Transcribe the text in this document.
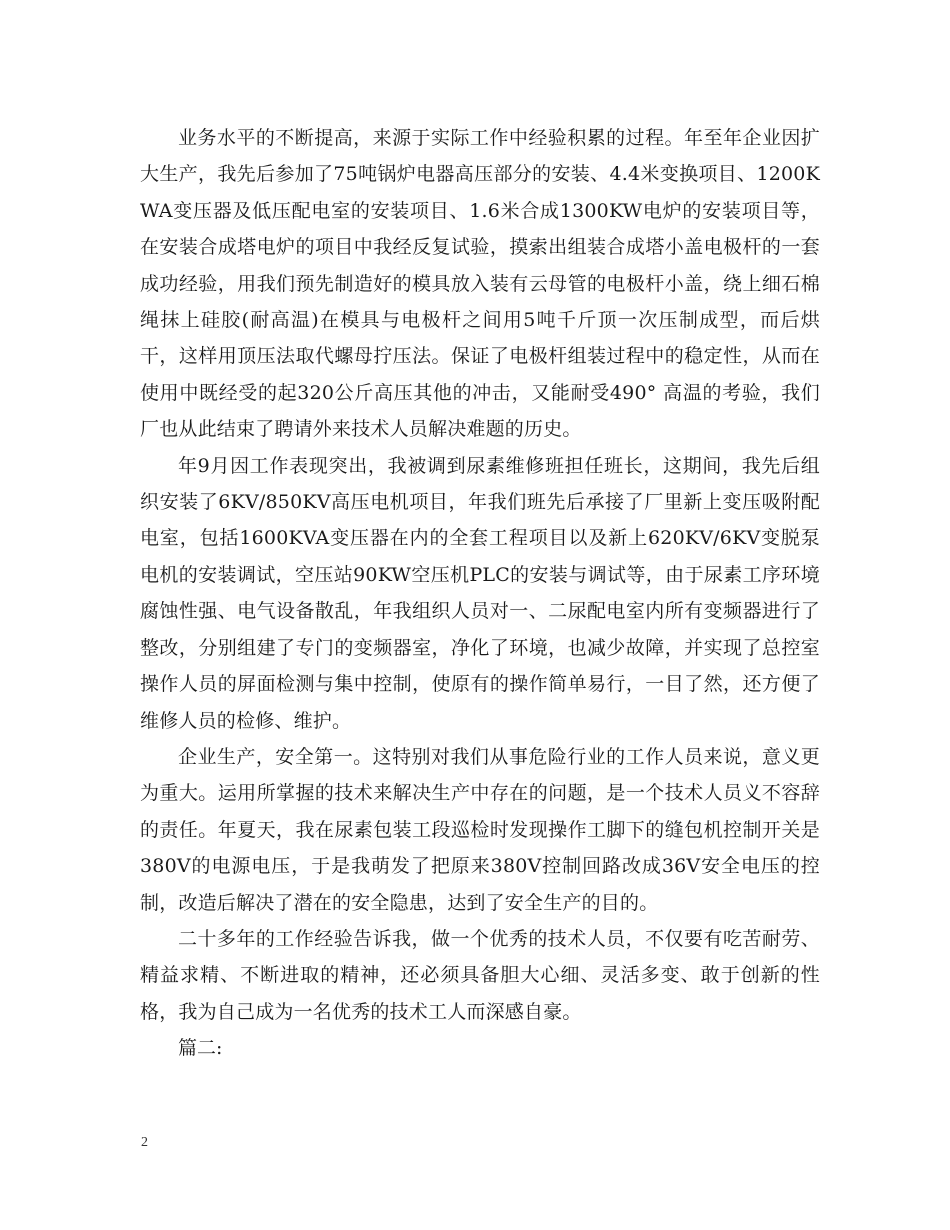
业务水平的不断提高，来源于实际工作中经验积累的过程。年至年企业因扩大生产，我先后参加了75吨锅炉电器高压部分的安装、4.4米变换项目、1200KWA变压器及低压配电室的安装项目、1.6米合成1300KW电炉的安装项目等，在安装合成塔电炉的项目中我经反复试验，摸索出组装合成塔小盖电极杆的一套成功经验，用我们预先制造好的模具放入装有云母管的电极杆小盖，绕上细石棉绳抹上硅胶(耐高温)在模具与电极杆之间用5吨千斤顶一次压制成型，而后烘干，这样用顶压法取代螺母拧压法。保证了电极杆组装过程中的稳定性，从而在使用中既经受的起320公斤高压其他的冲击，又能耐受490° 高温的考验，我们厂也从此结束了聘请外来技术人员解决难题的历史。

年9月因工作表现突出，我被调到尿素维修班担任班长，这期间，我先后组织安装了6KV/850KV高压电机项目，年我们班先后承接了厂里新上变压吸附配电室，包括1600KVA变压器在内的全套工程项目以及新上620KV/6KV变脱泵电机的安装调试，空压站90KW空压机PLC的安装与调试等，由于尿素工序环境腐蚀性强、电气设备散乱，年我组织人员对一、二尿配电室内所有变频器进行了整改，分别组建了专门的变频器室，净化了环境，也减少故障，并实现了总控室操作人员的屏面检测与集中控制，使原有的操作简单易行，一目了然，还方便了维修人员的检修、维护。

企业生产，安全第一。这特别对我们从事危险行业的工作人员来说，意义更为重大。运用所掌握的技术来解决生产中存在的问题，是一个技术人员义不容辞的责任。年夏天，我在尿素包装工段巡检时发现操作工脚下的缝包机控制开关是380V的电源电压，于是我萌发了把原来380V控制回路改成36V安全电压的控制，改造后解决了潜在的安全隐患，达到了安全生产的目的。

二十多年的工作经验告诉我，做一个优秀的技术人员，不仅要有吃苦耐劳、精益求精、不断进取的精神，还必须具备胆大心细、灵活多变、敢于创新的性格，我为自己成为一名优秀的技术工人而深感自豪。

篇二:

2
